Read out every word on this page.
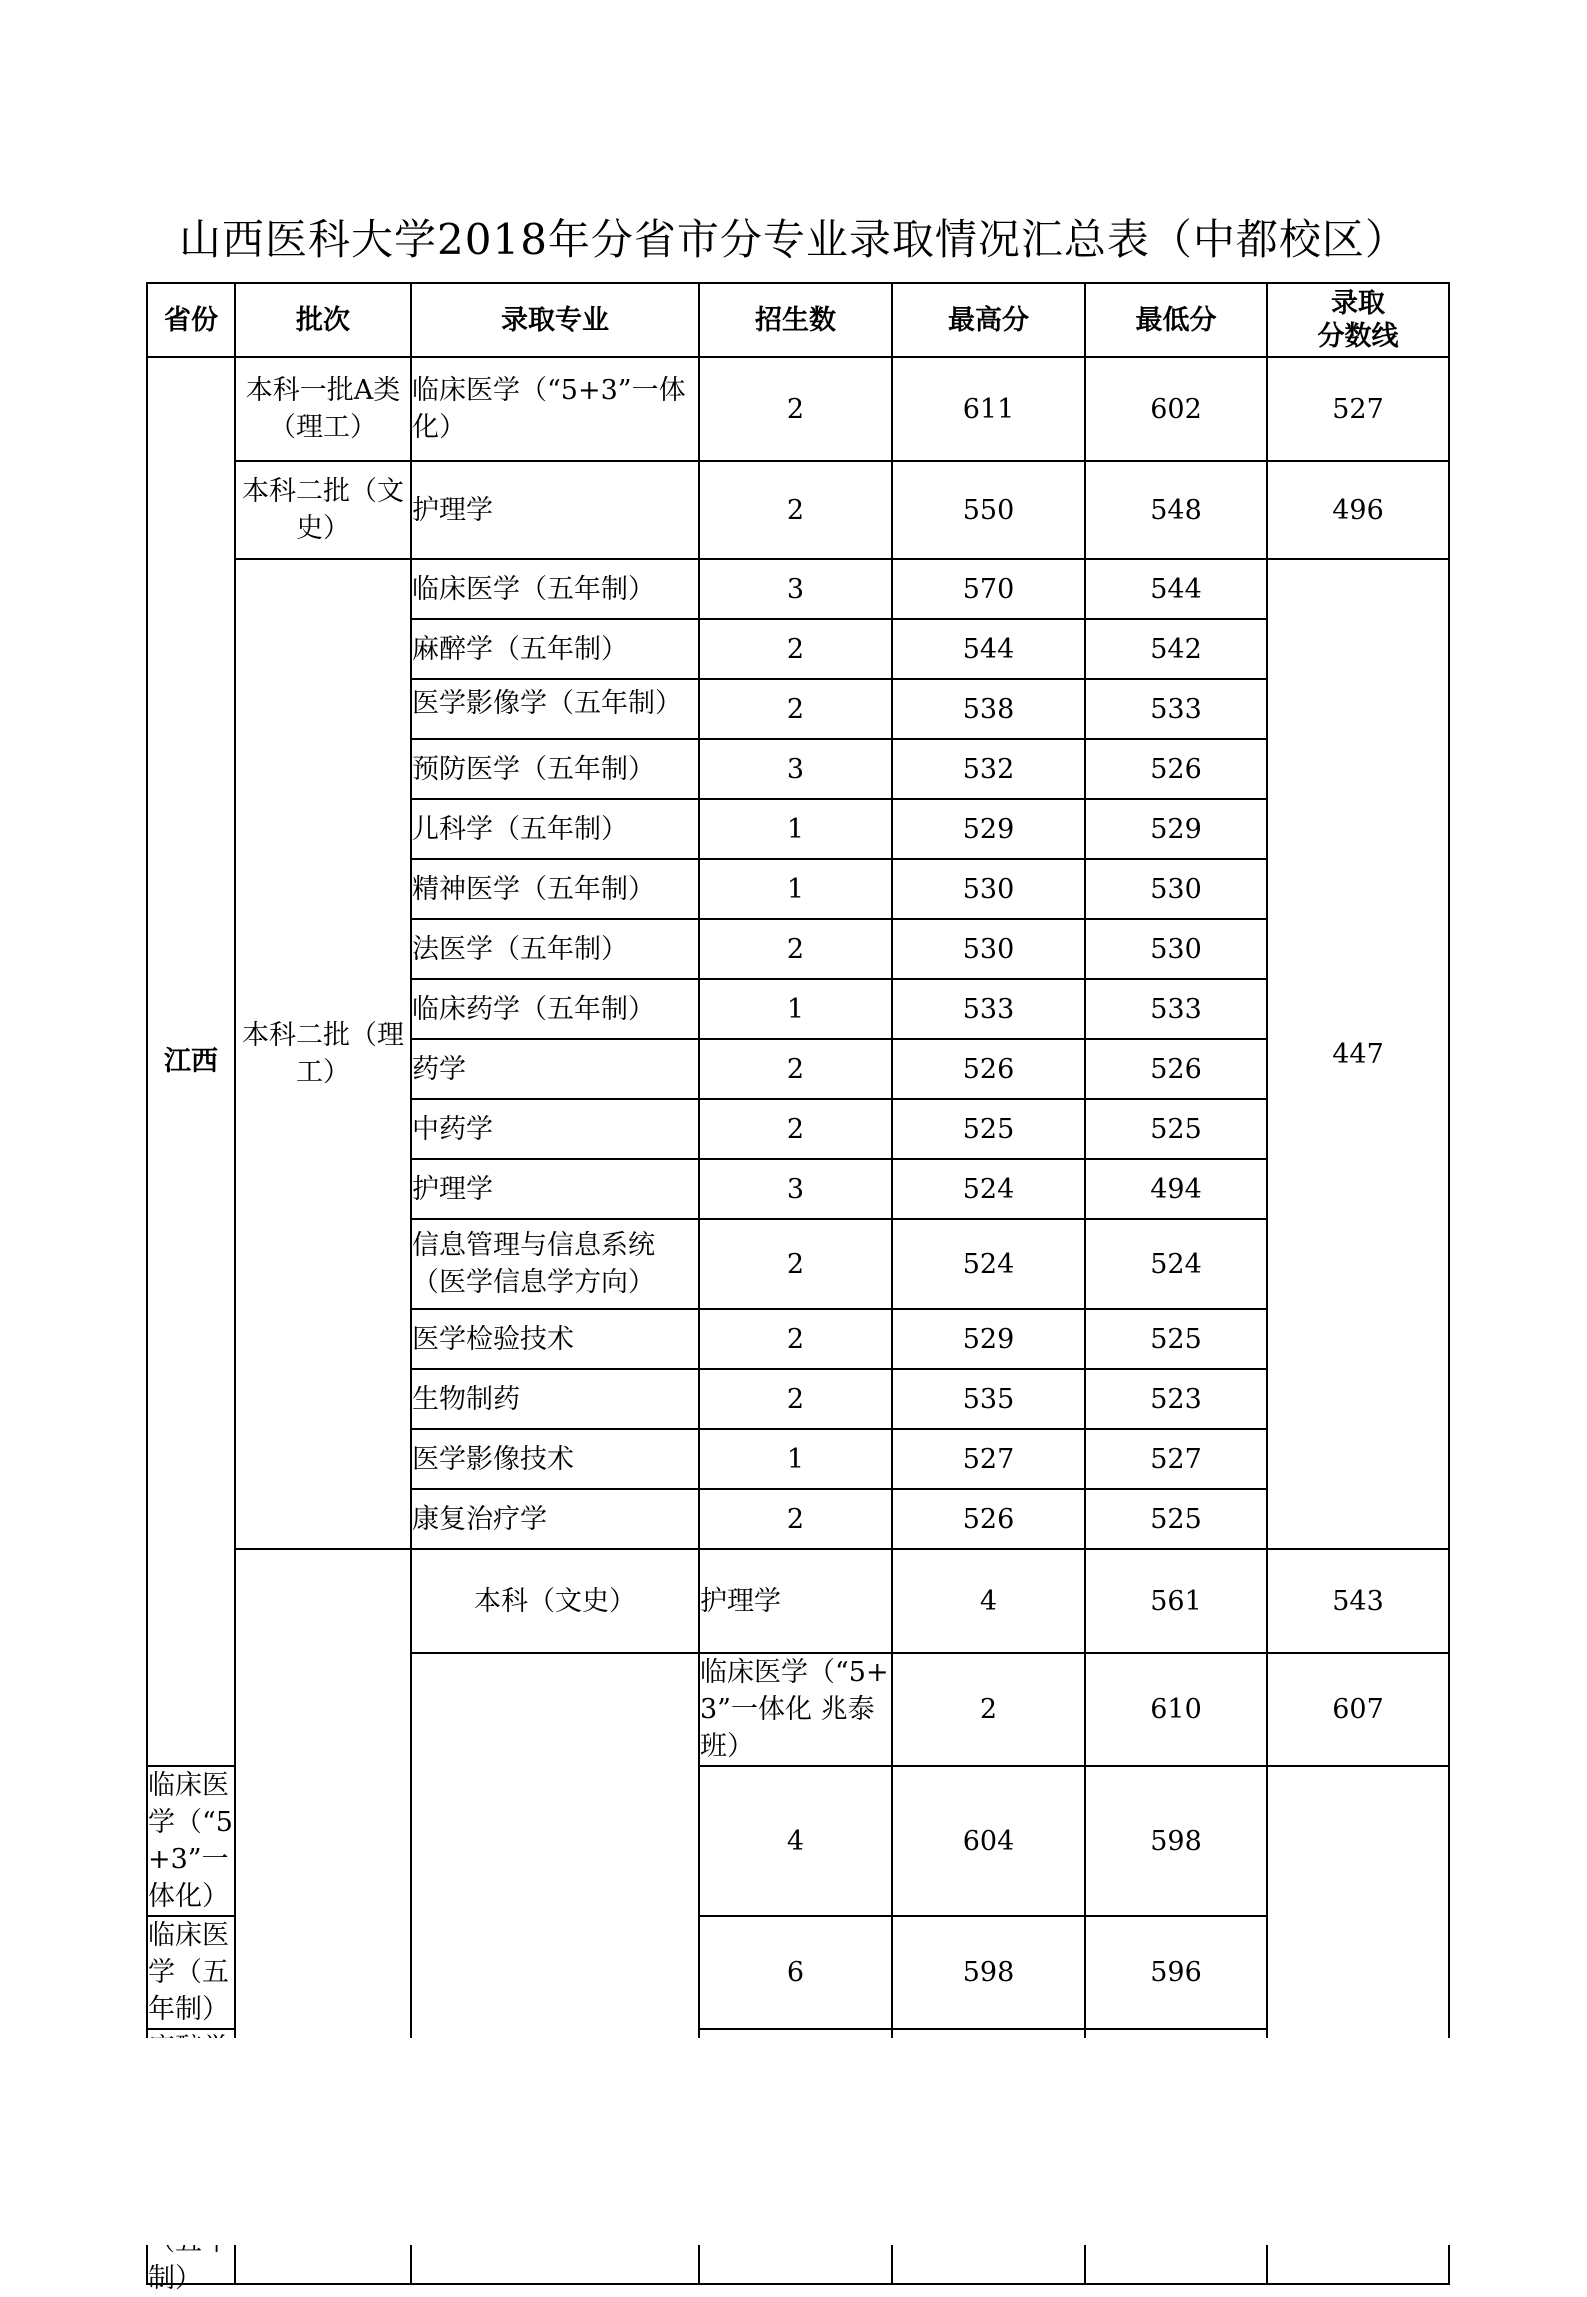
山西医科大学2018年分省市分专业录取情况汇总表（中都校区）
省份	批次	录取专业	招生数	最高分	最低分	录取
分数线	
江西	本科一批A类（理工）	临床医学（“5+3”一体化）	2	611	602	527	
	本科二批（文史）	护理学	2	550	548	496	
	本科二批（理工）	临床医学（五年制）	3	570	544	447	
		麻醉学（五年制）	2	544	542		

		医学影像学（五年制）	2	538	533		
		预防医学（五年制）	3	532	526		
		儿科学（五年制）	1	529	529		
		精神医学（五年制）	1	530	530		
		法医学（五年制）	2	530	530		
		临床药学（五年制）	1	533	533		
		药学	2	526	526		
		中药学	2	525	525		
		护理学	3	524	494		
		信息管理与信息系统（医学信息学方向）	2	524	524		
		医学检验技术	2	529	525		
		生物制药	2	535	523		
		医学影像技术	1	527	527		
		康复治疗学	2	526	525		
		本科（文史）	护理学	4	561	543	
			临床医学（“5+3”一体化 兆泰班）	2	610	607	
临床医学（“5+3”一体化）			4	604	598		
临床医学（五年制）			6	598	596		

制）
